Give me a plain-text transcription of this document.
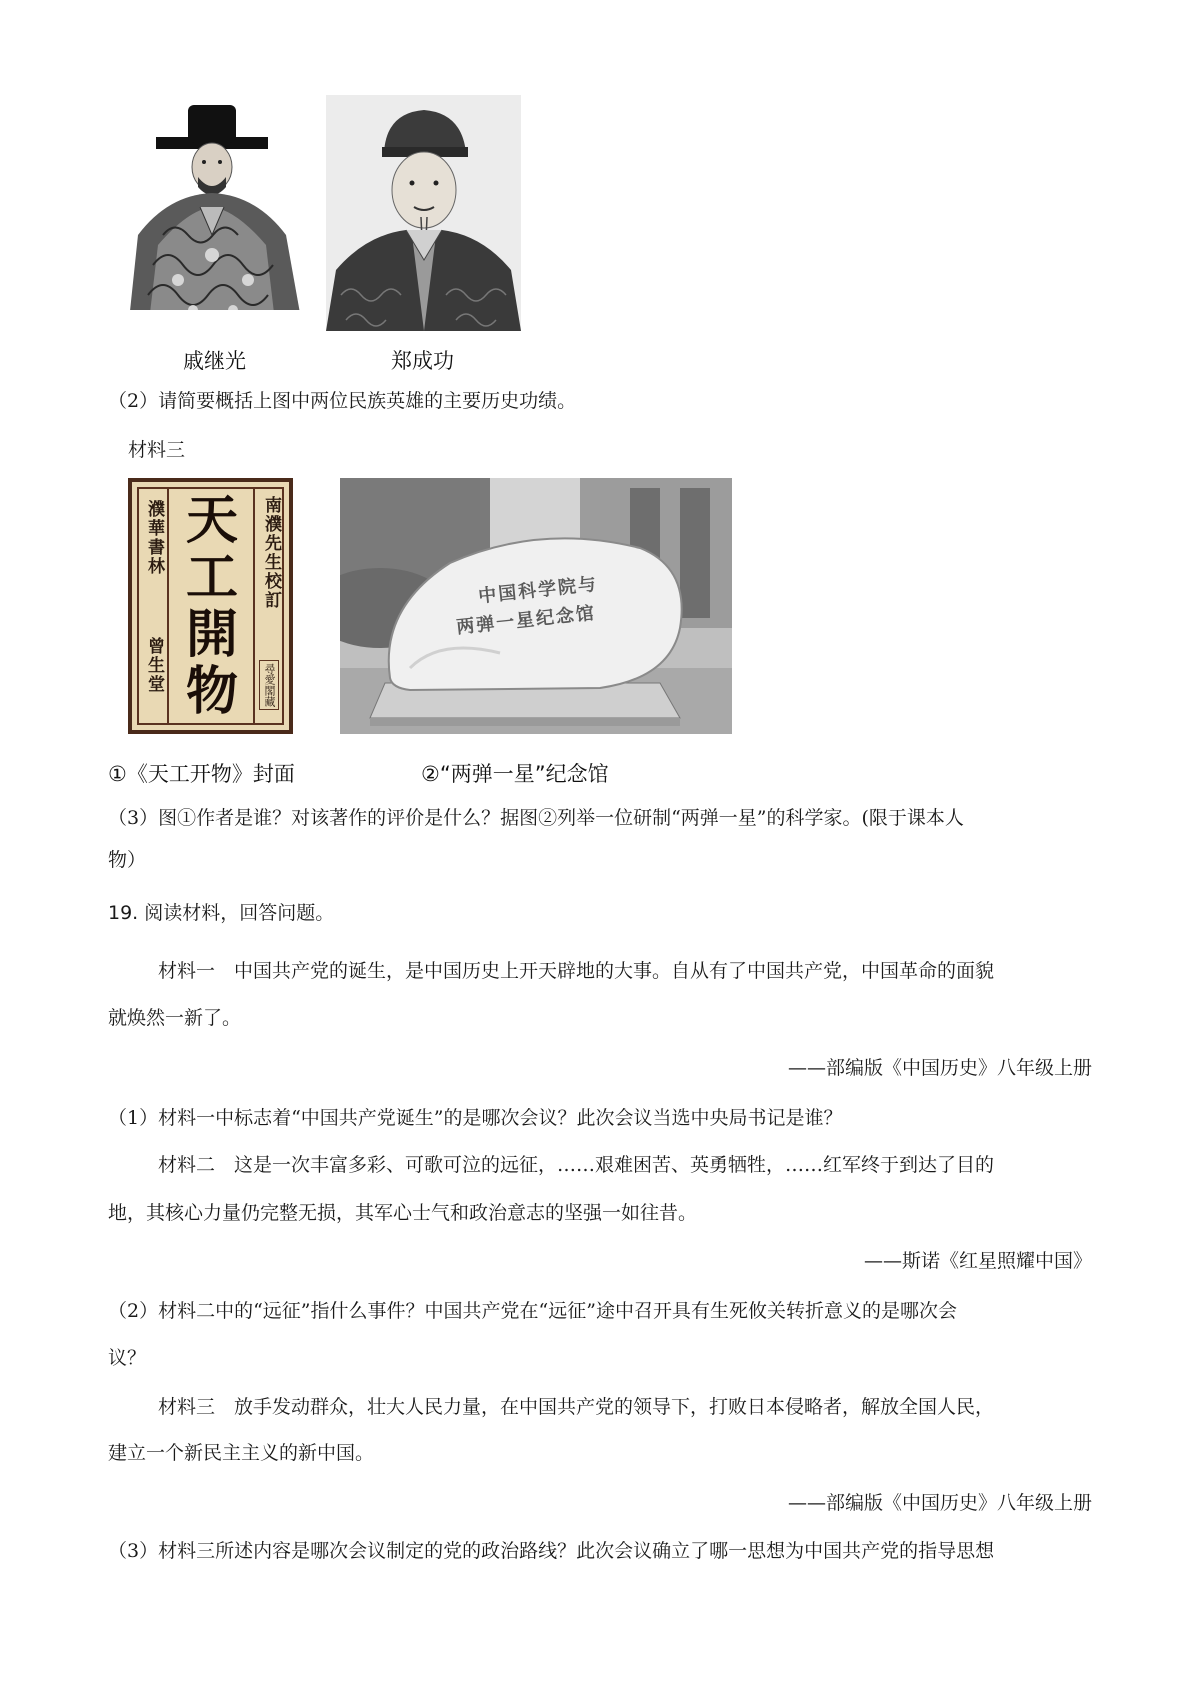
戚继光	郑成功
（2）请简要概括上图中两位民族英雄的主要历史功绩。
材料三
濮華書林
曾生堂
天
工
開
物
南濮先生校訂
尋愛閣藏
中国科学院与
两弹一星纪念馆
①《天工开物》封面	②“两弹一星”纪念馆
（3）图①作者是谁？对该著作的评价是什么？据图②列举一位研制“两弹一星”的科学家。(限于课本人
物）
19. 阅读材料，回答问题。
材料一　中国共产党的诞生，是中国历史上开天辟地的大事。自从有了中国共产党，中国革命的面貌
就焕然一新了。
——部编版《中国历史》八年级上册
（1）材料一中标志着“中国共产党诞生”的是哪次会议？此次会议当选中央局书记是谁？
材料二　这是一次丰富多彩、可歌可泣的远征，……艰难困苦、英勇牺牲，……红军终于到达了目的
地，其核心力量仍完整无损，其军心士气和政治意志的坚强一如往昔。
——斯诺《红星照耀中国》
（2）材料二中的“远征”指什么事件？中国共产党在“远征”途中召开具有生死攸关转折意义的是哪次会
议？
材料三　放手发动群众，壮大人民力量，在中国共产党的领导下，打败日本侵略者，解放全国人民，
建立一个新民主主义的新中国。
——部编版《中国历史》八年级上册
（3）材料三所述内容是哪次会议制定的党的政治路线？此次会议确立了哪一思想为中国共产党的指导思想
